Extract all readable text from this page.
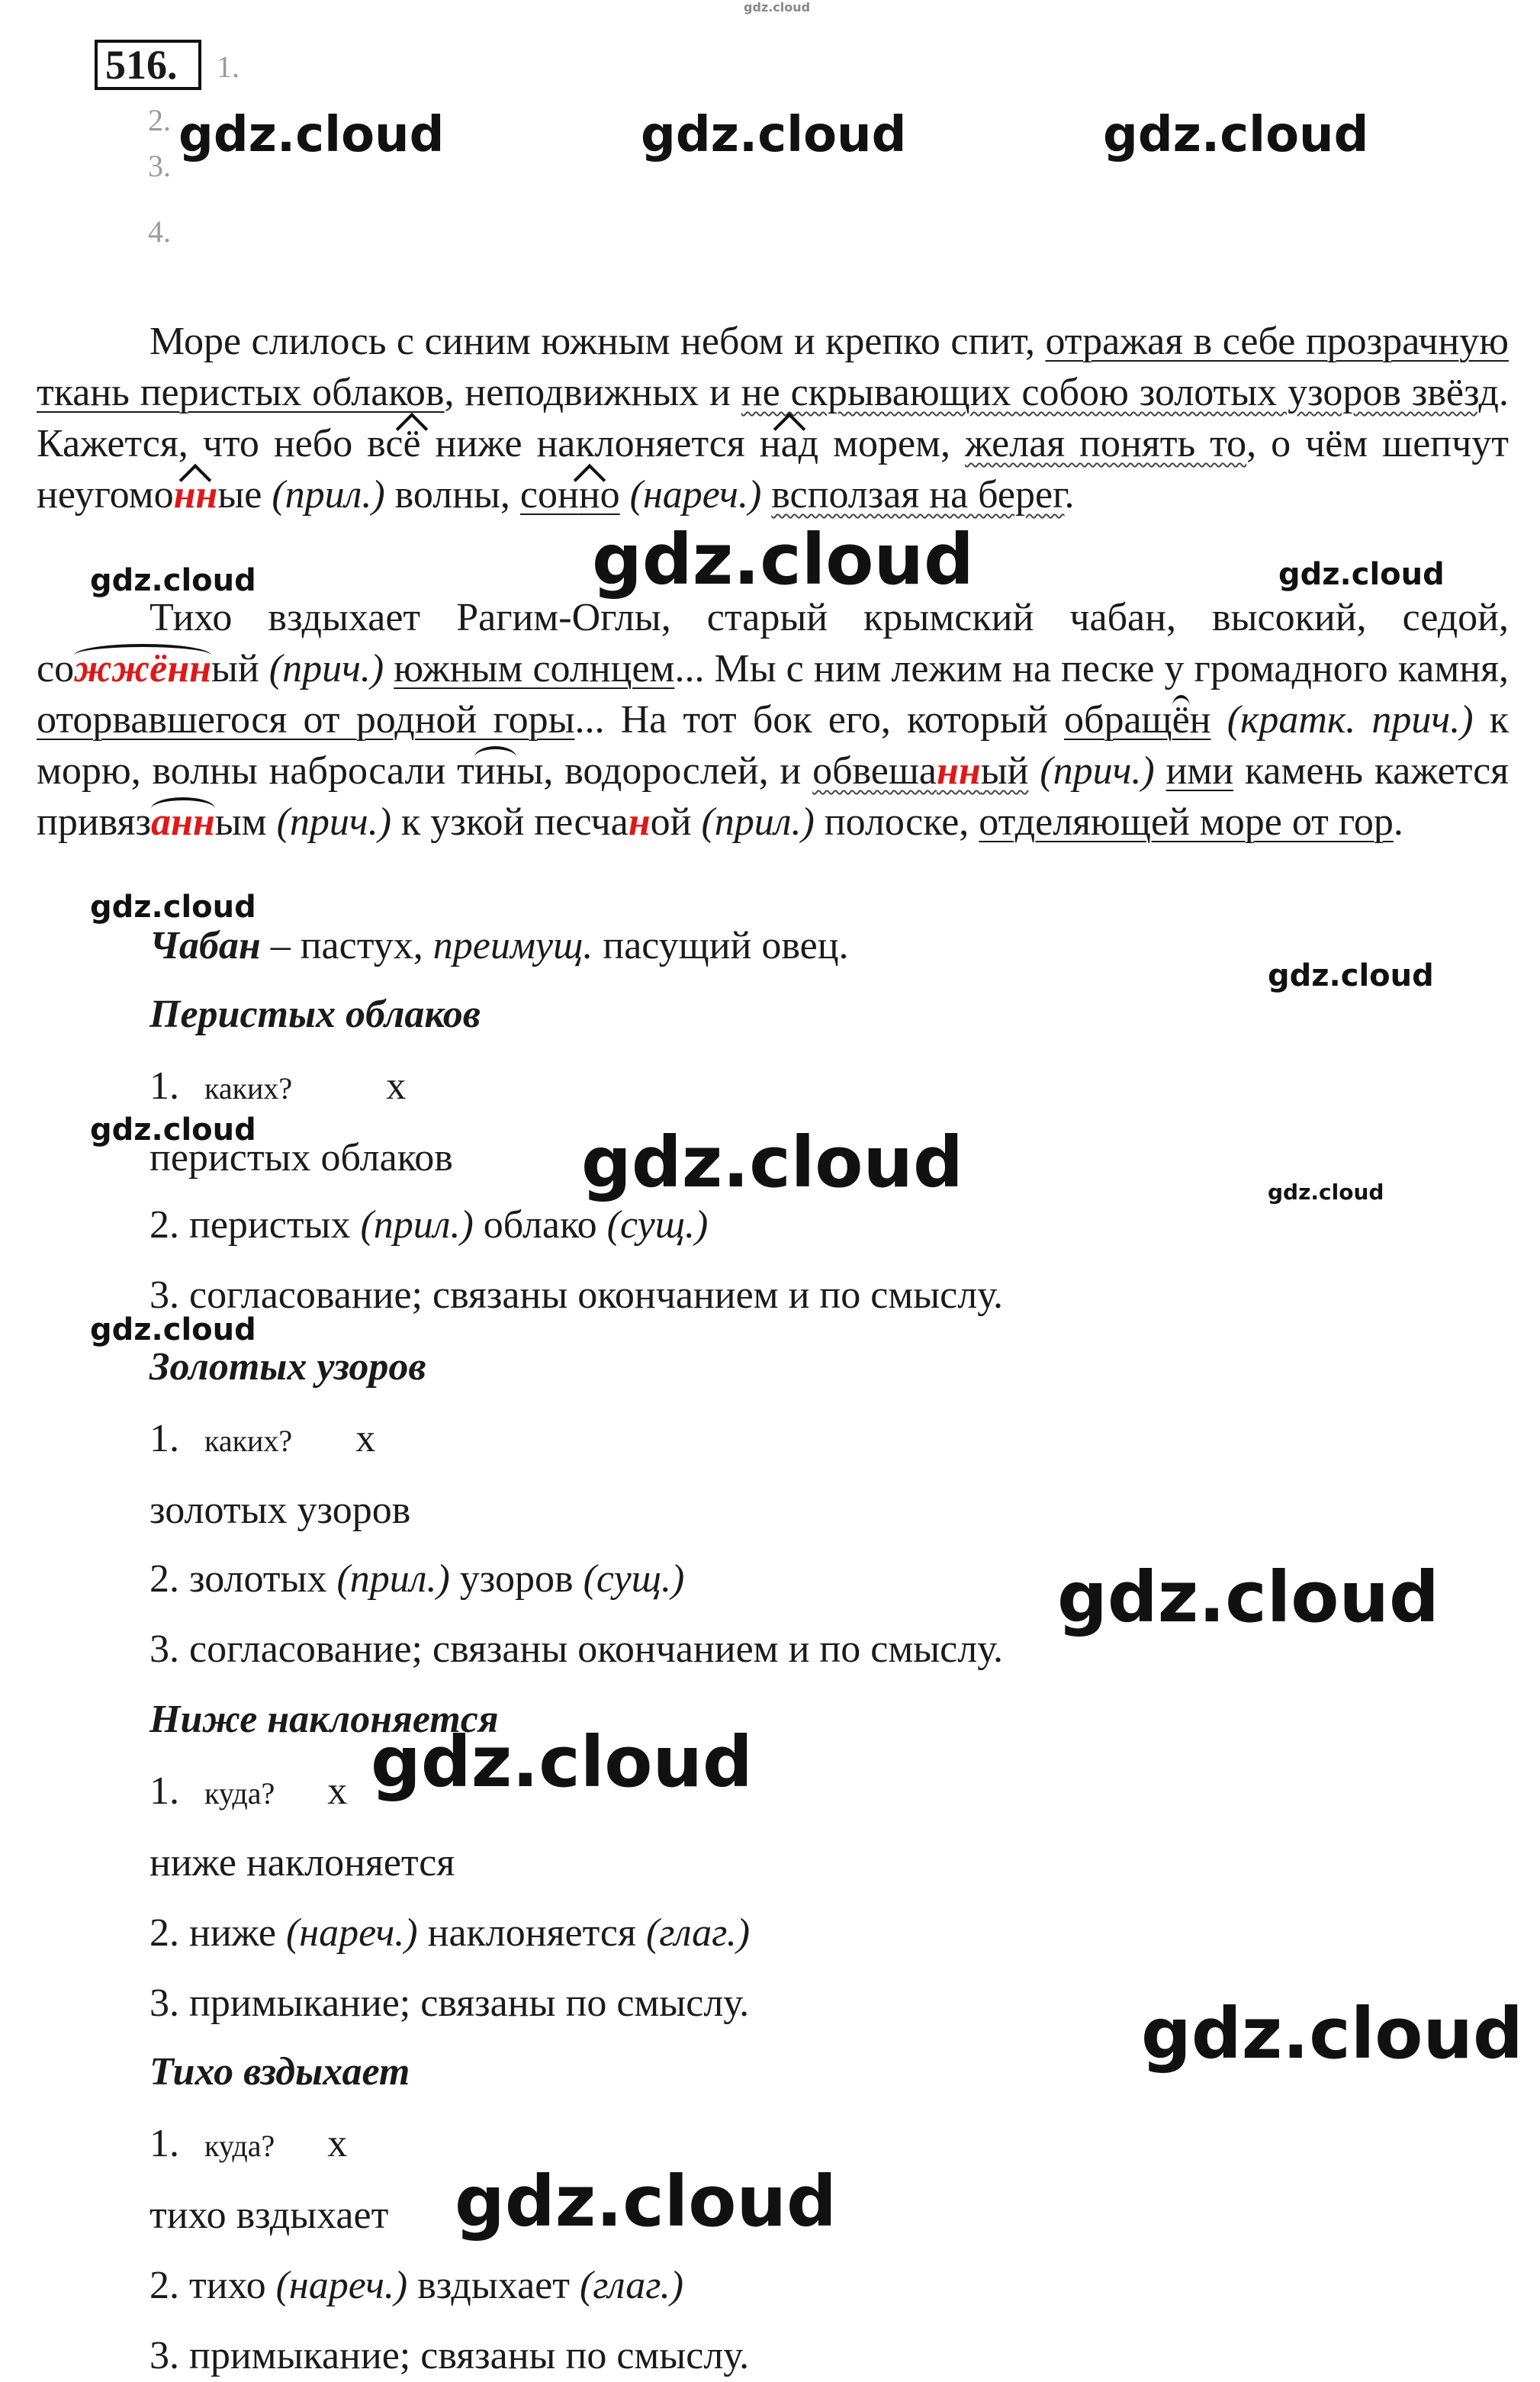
gdz.cloud
516.	1.
2.
3.
4.
gdz.cloud	gdz.cloud	gdz.cloud
Море слилось с синим южным небом и крепко спит, отражая в себе прозрачную ткань перистых облаков, неподвижных и не скрывающих собою золотых узоров звёзд. Кажется, что небо всё ниже наклоняется над морем, желая понять то, о чём шепчут неугомонные (прил.) волны, сонно (нареч.) всползая на берег.
gdz.cloud	gdz.cloud	gdz.cloud
Тихо вздыхает Рагим-Оглы, старый крымский чабан, высокий, седой, сожжённый (прич.) южным солнцем... Мы с ним лежим на песке у громадного камня, оторвавшегося от родной горы... На тот бок его, который обращён (кратк. прич.) к морю, волны набросали тины, водорослей, и обвешанный (прич.) ими камень кажется привязанным (прич.) к узкой песчаной (прил.) полоске, отделяющей море от гор.
gdz.cloud
Чабан – пастух, преимущ. пасущий овец.
gdz.cloud
Перистых облаков
1. каких? х
gdz.cloud
перистых облаков gdz.cloud	gdz.cloud
2. перистых (прил.) облако (сущ.)
3. согласование; связаны окончанием и по смыслу.
gdz.cloud
Золотых узоров
1. каких? х
золотых узоров
2. золотых (прил.) узоров (сущ.)	gdz.cloud
3. согласование; связаны окончанием и по смыслу.
Ниже наклоняется
1. куда? х gdz.cloud
ниже наклоняется
2. ниже (нареч.) наклоняется (глаг.)
3. примыкание; связаны по смыслу.	gdz.cloud
Тихо вздыхает
1. куда? х
тихо вздыхает gdz.cloud
2. тихо (нареч.) вздыхает (глаг.)
3. примыкание; связаны по смыслу.
